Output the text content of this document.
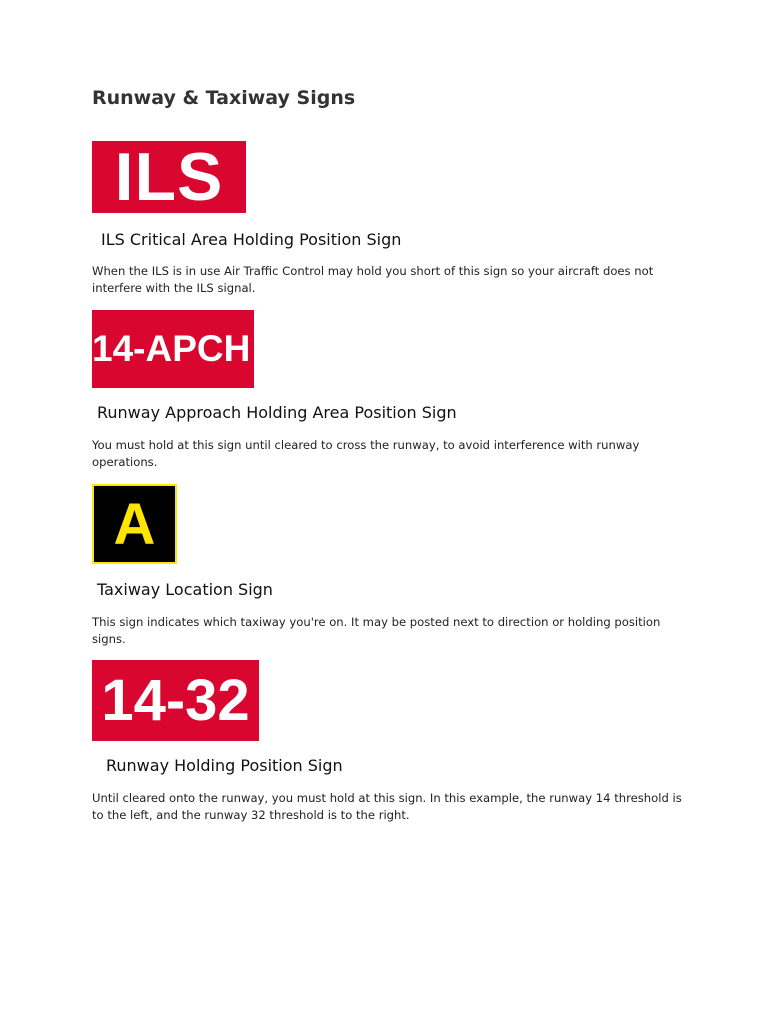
Runway & Taxiway Signs
ILS
ILS Critical Area Holding Position Sign

When the ILS is in use Air Traffic Control may hold you short of this sign so your aircraft does not interfere with the ILS signal.

14-APCH
Runway Approach Holding Area Position Sign

You must hold at this sign until cleared to cross the runway, to avoid interference with runway operations.

A
Taxiway Location Sign

This sign indicates which taxiway you're on. It may be posted next to direction or holding position signs.

14-32
Runway Holding Position Sign

Until cleared onto the runway, you must hold at this sign. In this example, the runway 14 threshold is to the left, and the runway 32 threshold is to the right.
